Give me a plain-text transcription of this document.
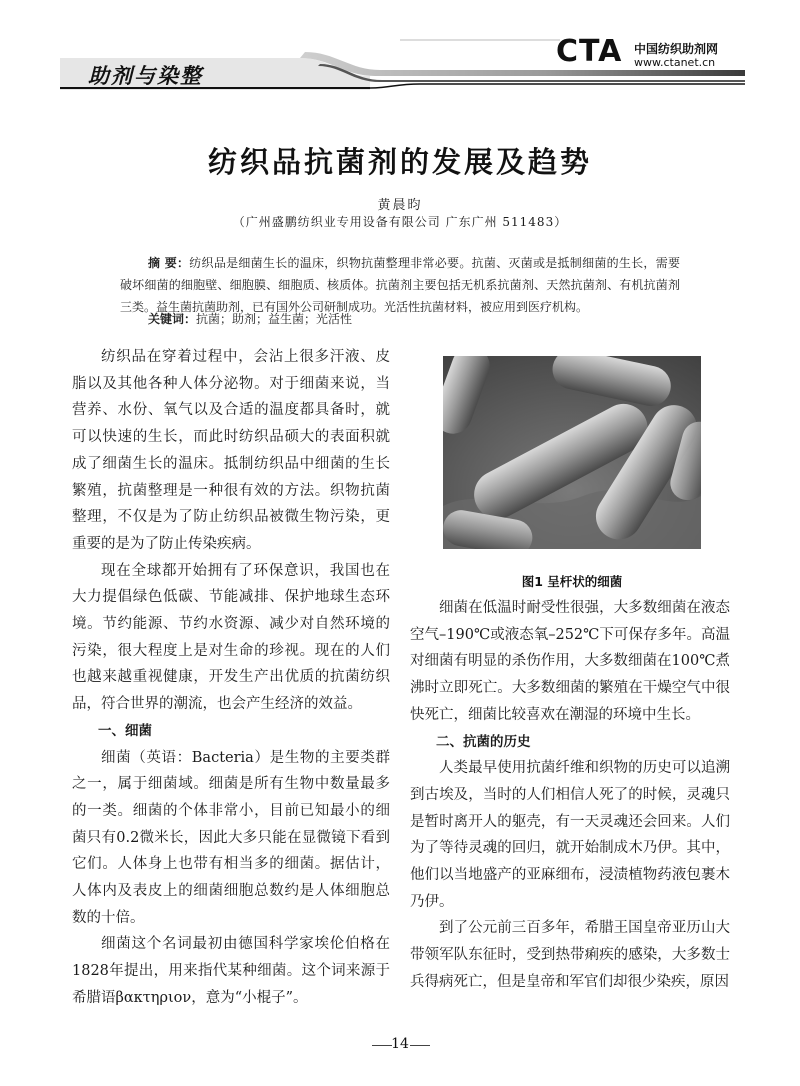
助剂与染整
CTA 中国纺织助剂网
www.ctanet.cn
纺织品抗菌剂的发展及趋势
黄晨昀
（广州盛鹏纺织业专用设备有限公司 广东广州 511483）
摘 要：纺织品是细菌生长的温床，织物抗菌整理非常必要。抗菌、灭菌或是抵制细菌的生长，需要破坏细菌的细胞壁、细胞膜、细胞质、核质体。抗菌剂主要包括无机系抗菌剂、天然抗菌剂、有机抗菌剂三类。益生菌抗菌助剂，已有国外公司研制成功。光活性抗菌材料，被应用到医疗机构。
关键词：抗菌；助剂；益生菌；光活性

纺织品在穿着过程中，会沾上很多汗液、皮脂以及其他各种人体分泌物。对于细菌来说，当营养、水份、氧气以及合适的温度都具备时，就可以快速的生长，而此时纺织品硕大的表面积就成了细菌生长的温床。抵制纺织品中细菌的生长繁殖，抗菌整理是一种很有效的方法。织物抗菌整理，不仅是为了防止纺织品被微生物污染，更重要的是为了防止传染疾病。

现在全球都开始拥有了环保意识，我国也在大力提倡绿色低碳、节能减排、保护地球生态环境。节约能源、节约水资源、减少对自然环境的污染，很大程度上是对生命的珍视。现在的人们也越来越重视健康，开发生产出优质的抗菌纺织品，符合世界的潮流，也会产生经济的效益。

一、细菌

细菌（英语：Bacteria）是生物的主要类群之一，属于细菌域。细菌是所有生物中数量最多的一类。细菌的个体非常小，目前已知最小的细菌只有0.2微米长，因此大多只能在显微镜下看到它们。人体身上也带有相当多的细菌。据估计，人体内及表皮上的细菌细胞总数约是人体细胞总数的十倍。

细菌这个名词最初由德国科学家埃伦伯格在1828年提出，用来指代某种细菌。这个词来源于希腊语βακτηριον，意为“小棍子”。

图1 呈杆状的细菌

细菌在低温时耐受性很强，大多数细菌在液态空气–190℃或液态氧–252℃下可保存多年。高温对细菌有明显的杀伤作用，大多数细菌在100℃煮沸时立即死亡。大多数细菌的繁殖在干燥空气中很快死亡，细菌比较喜欢在潮湿的环境中生长。

二、抗菌的历史

人类最早使用抗菌纤维和织物的历史可以追溯到古埃及，当时的人们相信人死了的时候，灵魂只是暂时离开人的躯壳，有一天灵魂还会回来。人们为了等待灵魂的回归，就开始制成木乃伊。其中，他们以当地盛产的亚麻细布，浸渍植物药液包裹木乃伊。

到了公元前三百多年，希腊王国皇帝亚历山大带领军队东征时，受到热带痢疾的感染，大多数士兵得病死亡，但是皇帝和军官们却很少染疾，原因

14
